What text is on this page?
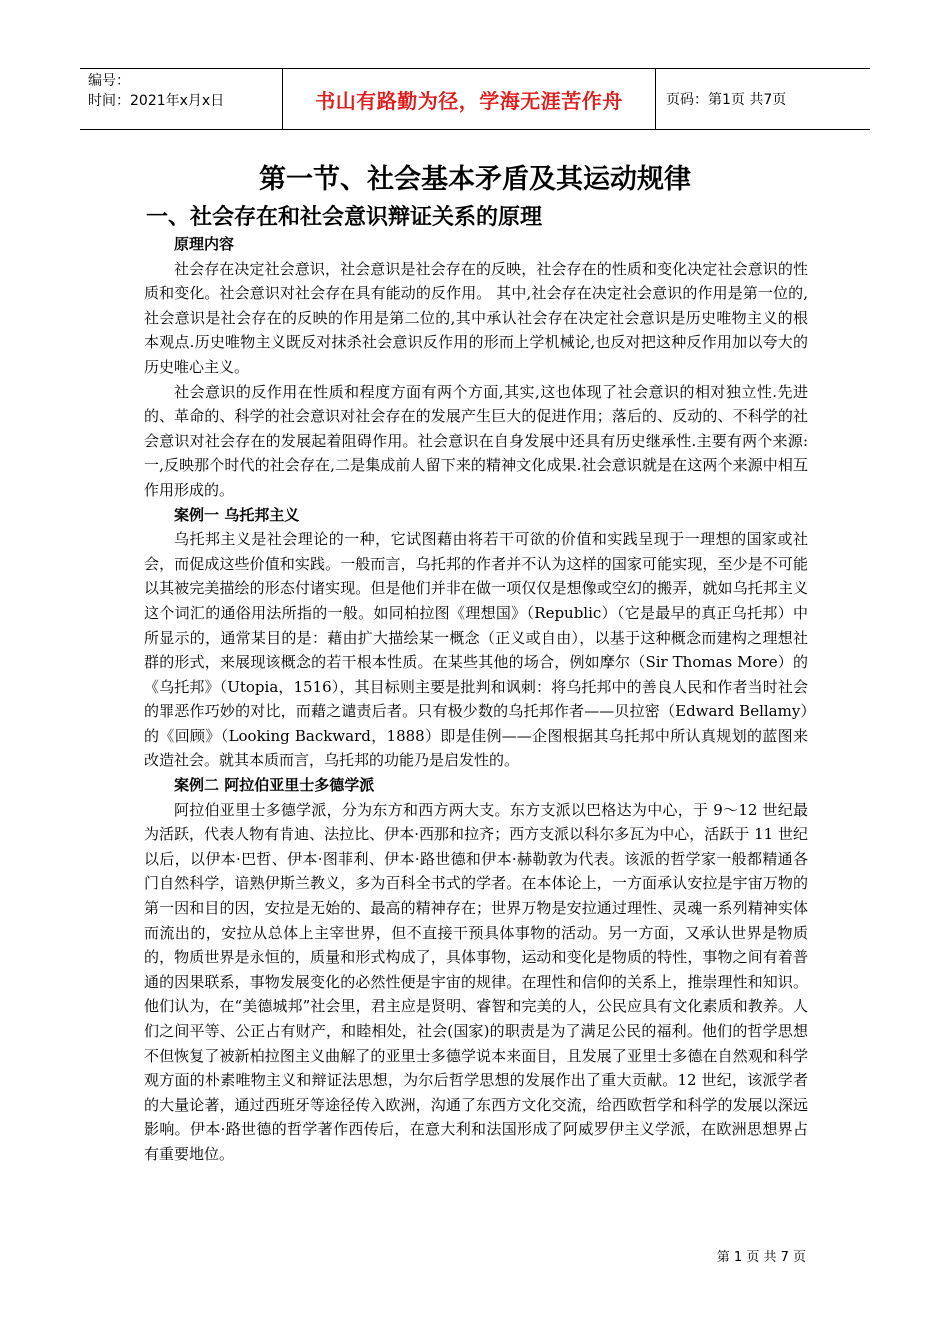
编号：
时间：2021年x月x日	书山有路勤为径，学海无涯苦作舟	页码：第1页 共7页
第一节、社会基本矛盾及其运动规律
一、社会存在和社会意识辩证关系的原理
原理内容

社会存在决定社会意识，社会意识是社会存在的反映，社会存在的性质和变化决定社会意识的性质和变化。社会意识对社会存在具有能动的反作用。 其中,社会存在决定社会意识的作用是第一位的,社会意识是社会存在的反映的作用是第二位的,其中承认社会存在决定社会意识是历史唯物主义的根本观点.历史唯物主义既反对抹杀社会意识反作用的形而上学机械论,也反对把这种反作用加以夸大的历史唯心主义。

社会意识的反作用在性质和程度方面有两个方面,其实,这也体现了社会意识的相对独立性.先进的、革命的、科学的社会意识对社会存在的发展产生巨大的促进作用；落后的、反动的、不科学的社会意识对社会存在的发展起着阻碍作用。社会意识在自身发展中还具有历史继承性.主要有两个来源:一,反映那个时代的社会存在,二是集成前人留下来的精神文化成果.社会意识就是在这两个来源中相互作用形成的。

案例一 乌托邦主义

乌托邦主义是社会理论的一种，它试图藉由将若干可欲的价值和实践呈现于一理想的国家或社会，而促成这些价值和实践。一般而言，乌托邦的作者并不认为这样的国家可能实现，至少是不可能以其被完美描绘的形态付诸实现。但是他们并非在做一项仅仅是想像或空幻的搬弄，就如乌托邦主义这个词汇的通俗用法所指的一般。如同柏拉图《理想国》（Republic）（它是最早的真正乌托邦）中所显示的，通常某目的是：藉由扩大描绘某一概念（正义或自由），以基于这种概念而建构之理想社群的形式，来展现该概念的若干根本性质。在某些其他的场合，例如摩尔（Sir Thomas More）的《乌托邦》（Utopia，1516），其目标则主要是批判和讽刺：将乌托邦中的善良人民和作者当时社会的罪恶作巧妙的对比，而藉之谴责后者。只有极少数的乌托邦作者——贝拉密（Edward Bellamy）的《回顾》（Looking Backward，1888）即是佳例——企图根据其乌托邦中所认真规划的蓝图来改造社会。就其本质而言，乌托邦的功能乃是启发性的。

案例二 阿拉伯亚里士多德学派

阿拉伯亚里士多德学派，分为东方和西方两大支。东方支派以巴格达为中心，于 9～12 世纪最为活跃，代表人物有肯迪、法拉比、伊本·西那和拉齐；西方支派以科尔多瓦为中心，活跃于 11 世纪以后，以伊本·巴哲、伊本·图菲利、伊本·路世德和伊本·赫勒敦为代表。该派的哲学家一般都精通各门自然科学，谙熟伊斯兰教义，多为百科全书式的学者。在本体论上，一方面承认安拉是宇宙万物的第一因和目的因，安拉是无始的、最高的精神存在；世界万物是安拉通过理性、灵魂一系列精神实体而流出的，安拉从总体上主宰世界，但不直接干预具体事物的活动。另一方面，又承认世界是物质的，物质世界是永恒的，质量和形式构成了，具体事物，运动和变化是物质的特性，事物之间有着普通的因果联系，事物发展变化的必然性便是宇宙的规律。在理性和信仰的关系上，推崇理性和知识。他们认为，在“美德城邦”社会里，君主应是贤明、睿智和完美的人，公民应具有文化素质和教养。人们之间平等、公正占有财产，和睦相处，社会(国家)的职责是为了满足公民的福利。他们的哲学思想不但恢复了被新柏拉图主义曲解了的亚里士多德学说本来面目，且发展了亚里士多德在自然观和科学观方面的朴素唯物主义和辩证法思想，为尔后哲学思想的发展作出了重大贡献。12 世纪，该派学者的大量论著，通过西班牙等途径传入欧洲，沟通了东西方文化交流，给西欧哲学和科学的发展以深远影响。伊本·路世德的哲学著作西传后，在意大利和法国形成了阿威罗伊主义学派，在欧洲思想界占有重要地位。

第 1 页 共 7 页
